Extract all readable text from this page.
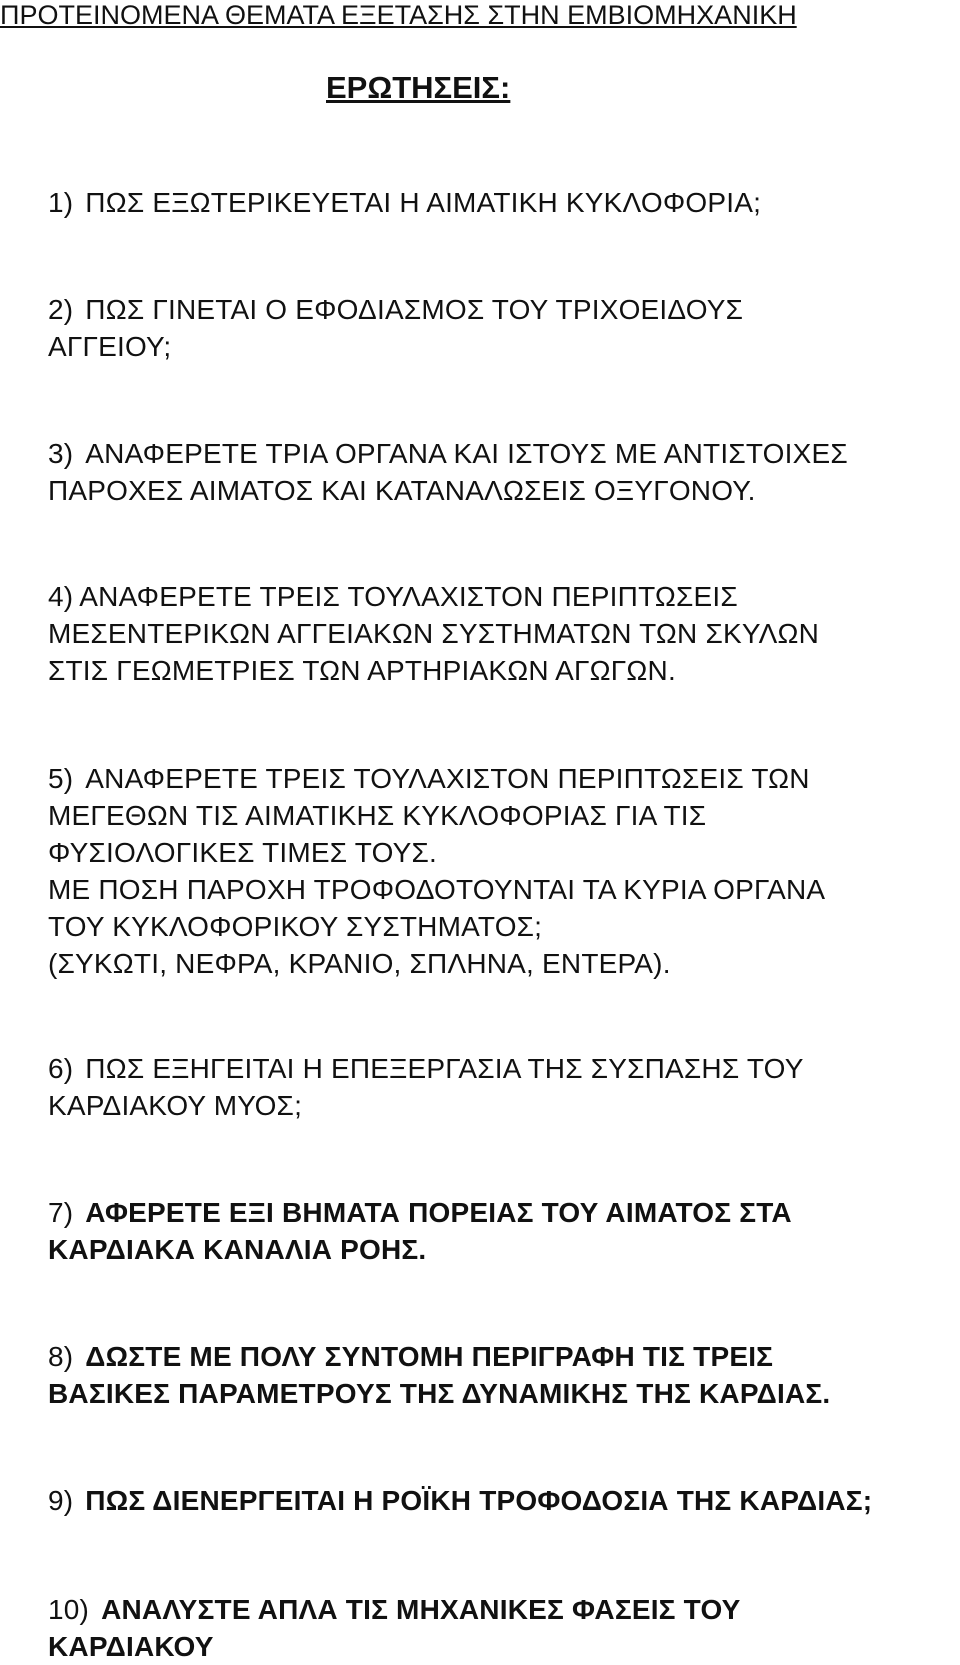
ΠΡΟΤΕΙΝΟΜΕΝΑ ΘΕΜΑΤΑ ΕΞΕΤΑΣΗΣ ΣΤΗΝ ΕΜΒΙΟΜΗΧΑΝΙΚΗ
ΕΡΩΤΗΣΕΙΣ:
1) ΠΩΣ ΕΞΩΤΕΡΙΚΕΥΕΤΑΙ Η ΑΙΜΑΤΙΚΗ ΚΥΚΛΟΦΟΡΙΑ;
2) ΠΩΣ ΓΙΝΕΤΑΙ Ο ΕΦΟΔΙΑΣΜΟΣ ΤΟΥ ΤΡΙΧΟΕΙΔΟΥΣ
ΑΓΓΕΙΟΥ;
3) ΑΝΑΦΕΡΕΤΕ ΤΡΙΑ ΟΡΓΑΝΑ ΚΑΙ ΙΣΤΟΥΣ ΜΕ ΑΝΤΙΣΤΟΙΧΕΣ
ΠΑΡΟΧΕΣ ΑΙΜΑΤΟΣ ΚΑΙ ΚΑΤΑΝΑΛΩΣΕΙΣ ΟΞΥΓΟΝΟΥ.
4) ΑΝΑΦΕΡΕΤΕ ΤΡΕΙΣ ΤΟΥΛΑΧΙΣΤΟΝ ΠΕΡΙΠΤΩΣΕΙΣ
ΜΕΣΕΝΤΕΡΙΚΩΝ ΑΓΓΕΙΑΚΩΝ ΣΥΣΤΗΜΑΤΩΝ ΤΩΝ ΣΚΥΛΩΝ
ΣΤΙΣ ΓΕΩΜΕΤΡΙΕΣ ΤΩΝ ΑΡΤΗΡΙΑΚΩΝ ΑΓΩΓΩΝ.
5) ΑΝΑΦΕΡΕΤΕ ΤΡΕΙΣ ΤΟΥΛΑΧΙΣΤΟΝ ΠΕΡΙΠΤΩΣΕΙΣ ΤΩΝ
ΜΕΓΕΘΩΝ ΤΙΣ ΑΙΜΑΤΙΚΗΣ ΚΥΚΛΟΦΟΡΙΑΣ ΓΙΑ ΤΙΣ
ΦΥΣΙΟΛΟΓΙΚΕΣ ΤΙΜΕΣ ΤΟΥΣ.
ΜΕ ΠΟΣΗ ΠΑΡΟΧΗ ΤΡΟΦΟΔΟΤΟΥΝΤΑΙ ΤΑ ΚΥΡΙΑ ΟΡΓΑΝΑ
ΤΟΥ ΚΥΚΛΟΦΟΡΙΚΟΥ ΣΥΣΤΗΜΑΤΟΣ;
(ΣΥΚΩΤΙ, ΝΕΦΡΑ, ΚΡΑΝΙΟ, ΣΠΛΗΝΑ, ΕΝΤΕΡΑ).
6) ΠΩΣ ΕΞΗΓΕΙΤΑΙ Η ΕΠΕΞΕΡΓΑΣΙΑ ΤΗΣ ΣΥΣΠΑΣΗΣ ΤΟΥ
ΚΑΡΔΙΑΚΟΥ ΜΥΟΣ;
7) ΑΦΕΡΕΤΕ ΕΞΙ ΒΗΜΑΤΑ ΠΟΡΕΙΑΣ ΤΟΥ ΑΙΜΑΤΟΣ ΣΤΑ
ΚΑΡΔΙΑΚΑ ΚΑΝΑΛΙΑ ΡΟΗΣ.
8) ΔΩΣΤΕ ΜΕ ΠΟΛΥ ΣΥΝΤΟΜΗ ΠΕΡΙΓΡΑΦΗ ΤΙΣ ΤΡΕΙΣ
ΒΑΣΙΚΕΣ ΠΑΡΑΜΕΤΡΟΥΣ ΤΗΣ ΔΥΝΑΜΙΚΗΣ ΤΗΣ ΚΑΡΔΙΑΣ.
9) ΠΩΣ ΔΙΕΝΕΡΓΕΙΤΑΙ Η ΡΟΪΚΗ ΤΡΟΦΟΔΟΣΙΑ ΤΗΣ ΚΑΡΔΙΑΣ;
10) ΑΝΑΛΥΣΤΕ ΑΠΛΑ ΤΙΣ ΜΗΧΑΝΙΚΕΣ ΦΑΣΕΙΣ ΤΟΥ
ΚΑΡΔΙΑΚΟΥ
